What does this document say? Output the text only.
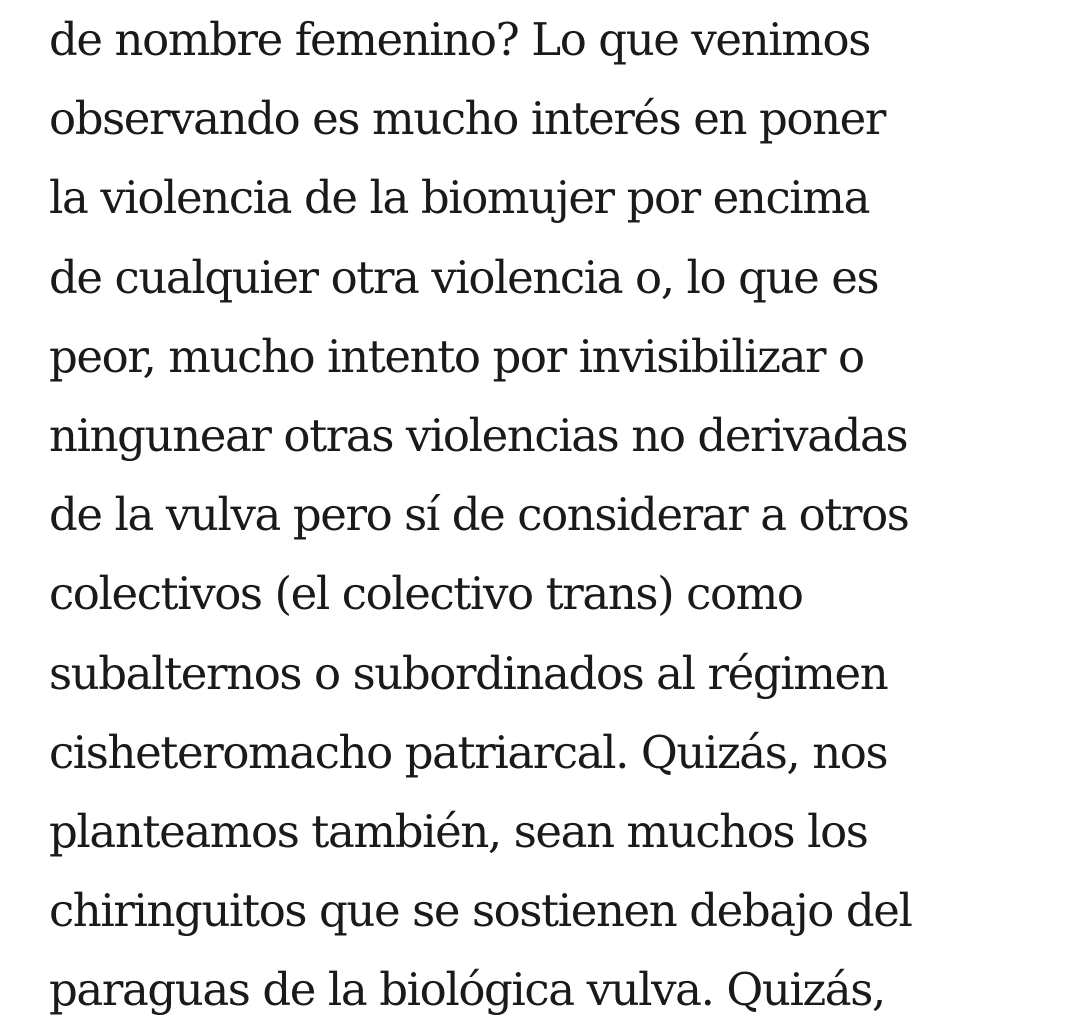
de nombre femenino? Lo que venimos
observando es mucho interés en poner
la violencia de la biomujer por encima
de cualquier otra violencia o, lo que es
peor, mucho intento por invisibilizar o
ningunear otras violencias no derivadas
de la vulva pero sí de considerar a otros
colectivos (el colectivo trans) como
subalternos o subordinados al régimen
cisheteromacho patriarcal. Quizás, nos
planteamos también, sean muchos los
chiringuitos que se sostienen debajo del
paraguas de la biológica vulva. Quizás,
